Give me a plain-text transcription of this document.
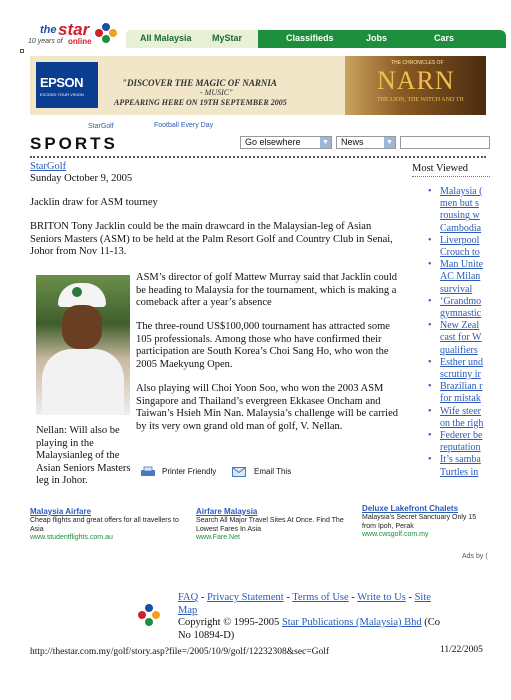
the star
10 years of online	All Malaysia MyStar	Classifieds	Jobs	Cars
EPSON
EXCEED YOUR VISION
"DISCOVER THE MAGIC OF NARNIA
- MUSIC"
APPEARING HERE ON 19TH SEPTEMBER 2005
THE CHRONICLES OF
NARN
THE LION, THE WITCH AND TH
StarGolf	Football Every Day
SPORTS	Go elsewhere	▼	News	▼
StarGolf
Sunday October 9, 2005
Jacklin draw for ASM tourney

BRITON Tony Jacklin could be the main drawcard in the Malaysian-leg of Asian Seniors Masters (ASM) to be held at the Palm Resort Golf and Country Club in Senai, Johor from Nov 11-13.

ASM’s director of golf Mattew Murray said that Jacklin could be heading to Malaysia for the tournament, which is making a comeback after a year’s absence

The three-round US$100,000 tournament has attracted some 105 professionals. Among those who have confirmed their participation are South Korea’s Choi Sang Ho, who won the 2005 Maekyung Open.

Also playing will Choi Yoon Soo, who won the 2003 ASM Singapore and Thailand’s evergreen Ekkasee Oncham and Taiwan’s Hsieh Min Nan. Malaysia’s challenge will be carried by its very own grand old man of golf, V. Nellan.

Nellan: Will also be playing in the Malaysianleg of the Asian Seniors Masters leg in Johor.

Printer Friendly	Email This
Most Viewed
• Malaysia (
men but s
rousing w
Cambodia
• Liverpool
Crouch to
• Man Unite
AC Milan
survival
• ‘Grandmo
gymnastic
• New Zeal
cast for W
qualifiers
• Esther und
scrutiny ir
• Brazilian r
for mistak
• Wife steer
on the righ
• Federer be
reputation
• It’s samba
Turtles in
Malaysia Airfare
Cheap flights and great offers for all travellers to Asia
www.studentflights.com.au
Airfare Malaysia
Search All Major Travel Sites At Once. Find The Lowest Fares In Asia
www.Fare.Net
Deluxe Lakefront Chalets
Malaysia's Secret Sanctuary Only 15 from Ipoh, Perak
www.cwsgolf.com.my
Ads by (
FAQ - Privacy Statement - Terms of Use - Write to Us - Site
Map
Copyright © 1995-2005 Star Publications (Malaysia) Bhd (Co
No 10894-D)
http://thestar.com.my/golf/story.asp?file=/2005/10/9/golf/12232308&sec=Golf	11/22/2005
